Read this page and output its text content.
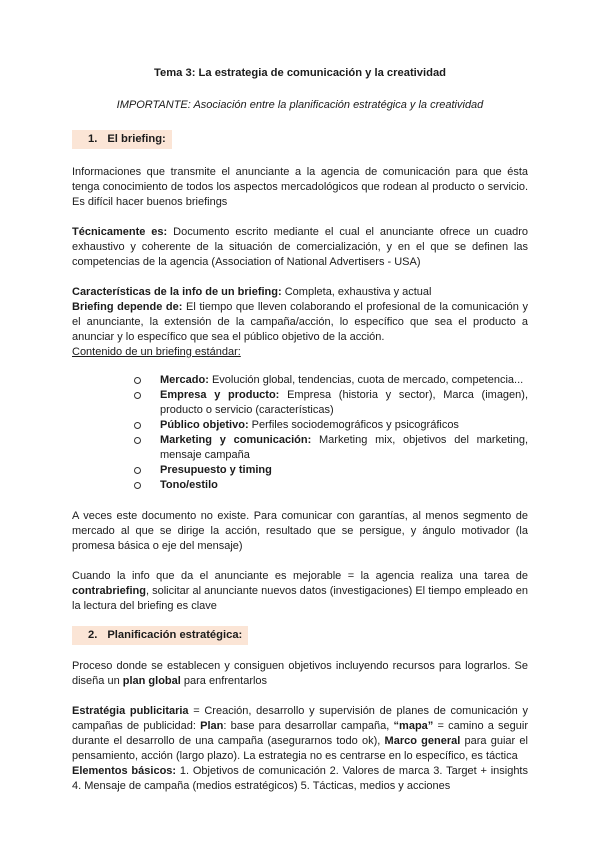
Tema 3: La estrategia de comunicación y la creatividad

IMPORTANTE: Asociación entre la planificación estratégica y la creatividad

1. El briefing:

Informaciones que transmite el anunciante a la agencia de comunicación para que ésta tenga conocimiento de todos los aspectos mercadológicos que rodean al producto o servicio. Es difícil hacer buenos briefings

Técnicamente es: Documento escrito mediante el cual el anunciante ofrece un cuadro exhaustivo y coherente de la situación de comercialización, y en el que se definen las competencias de la agencia (Association of National Advertisers - USA)

Características de la info de un briefing: Completa, exhaustiva y actual

Briefing depende de: El tiempo que lleven colaborando el profesional de la comunicación y el anunciante, la extensión de la campaña/acción, lo específico que sea el producto a anunciar y lo específico que sea el público objetivo de la acción.

Contenido de un briefing estándar:

Mercado: Evolución global, tendencias, cuota de mercado, competencia...
Empresa y producto: Empresa (historia y sector), Marca (imagen), producto o servicio (características)
Público objetivo: Perfiles sociodemográficos y psicográficos
Marketing y comunicación: Marketing mix, objetivos del marketing, mensaje campaña
Presupuesto y timing
Tono/estilo

A veces este documento no existe. Para comunicar con garantías, al menos segmento de mercado al que se dirige la acción, resultado que se persigue, y ángulo motivador (la promesa básica o eje del mensaje)

Cuando la info que da el anunciante es mejorable = la agencia realiza una tarea de contrabriefing, solicitar al anunciante nuevos datos (investigaciones) El tiempo empleado en la lectura del briefing es clave

2. Planificación estratégica:

Proceso donde se establecen y consiguen objetivos incluyendo recursos para lograrlos. Se diseña un plan global para enfrentarlos

Estratégia publicitaria = Creación, desarrollo y supervisión de planes de comunicación y campañas de publicidad: Plan: base para desarrollar campaña, “mapa” = camino a seguir durante el desarrollo de una campaña (asegurarnos todo ok), Marco general para guiar el pensamiento, acción (largo plazo). La estrategia no es centrarse en lo específico, es táctica

Elementos básicos: 1. Objetivos de comunicación 2. Valores de marca 3. Target + insights 4. Mensaje de campaña (medios estratégicos) 5. Tácticas, medios y acciones
